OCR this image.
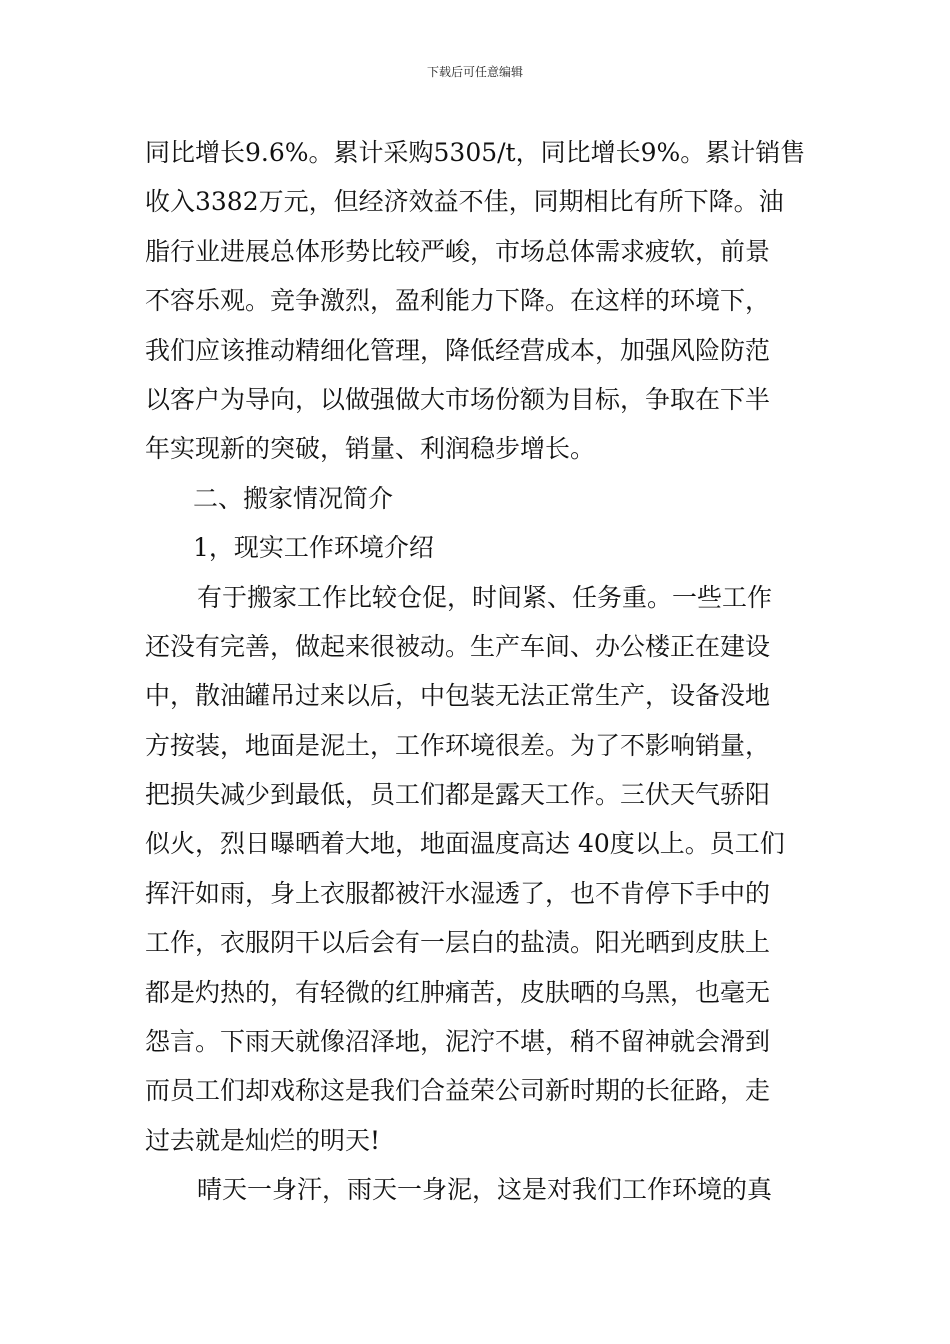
下载后可任意编辑
同比增长9.6%。累计采购5305/t，同比增长9%。累计销售
收入3382万元，但经济效益不佳，同期相比有所下降。油
脂行业进展总体形势比较严峻，市场总体需求疲软，前景
不容乐观。竞争激烈，盈利能力下降。在这样的环境下，
我们应该推动精细化管理，降低经营成本，加强风险防范
以客户为导向，以做强做大市场份额为目标，争取在下半
年实现新的突破，销量、利润稳步增长。
二、搬家情况简介
1，现实工作环境介绍
有于搬家工作比较仓促，时间紧、任务重。一些工作
还没有完善，做起来很被动。生产车间、办公楼正在建设
中，散油罐吊过来以后，中包装无法正常生产，设备没地
方按装，地面是泥土，工作环境很差。为了不影响销量，
把损失减少到最低，员工们都是露天工作。三伏天气骄阳
似火，烈日曝晒着大地，地面温度高达 40度以上。员工们
挥汗如雨，身上衣服都被汗水湿透了，也不肯停下手中的
工作，衣服阴干以后会有一层白的盐渍。阳光晒到皮肤上
都是灼热的，有轻微的红肿痛苦，皮肤晒的乌黑，也毫无
怨言。下雨天就像沼泽地，泥泞不堪，稍不留神就会滑到
而员工们却戏称这是我们合益荣公司新时期的长征路，走
过去就是灿烂的明天!
晴天一身汗，雨天一身泥，这是对我们工作环境的真
